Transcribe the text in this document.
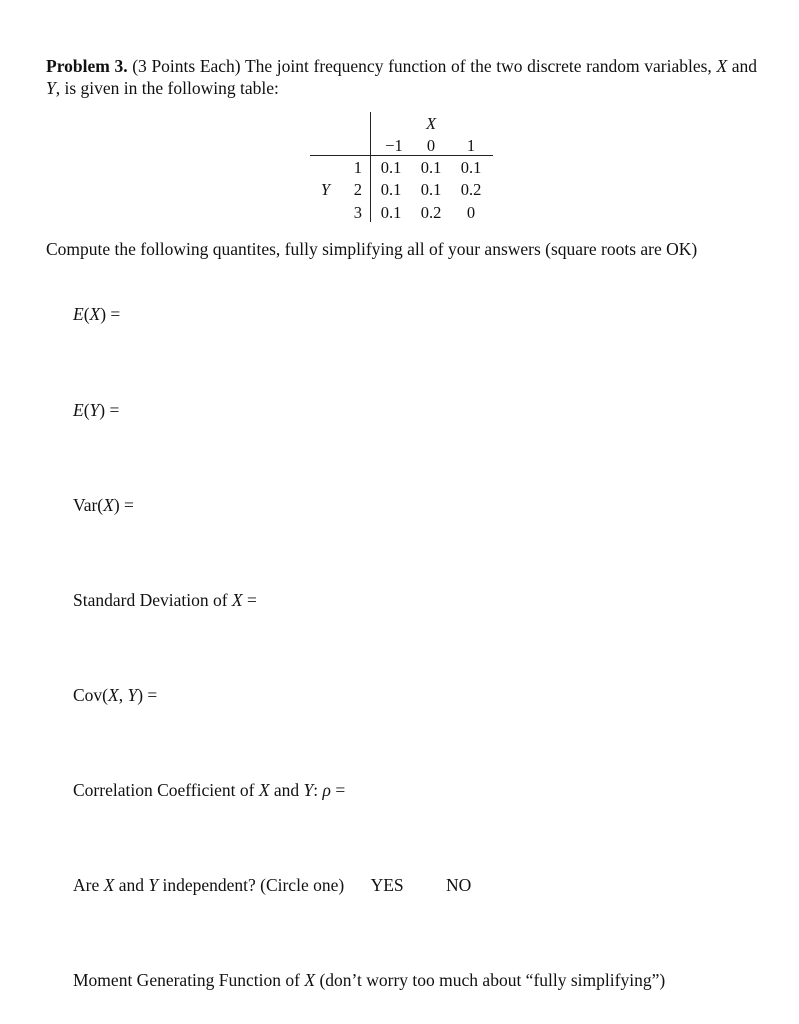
Problem 3. (3 Points Each) The joint frequency function of the two discrete random variables, X and Y, is given in the following table:
X
−1	0	1
Y
1	0.1	0.1	0.1
2	0.1	0.1	0.2
3	0.1	0.2	0
Compute the following quantites, fully simplifying all of your answers (square roots are OK)
E(X) =
E(Y) =
Var(X) =
Standard Deviation of X =
Cov(X, Y) =
Correlation Coefficient of X and Y: ρ =
Are X and Y independent? (Circle one) YES NO
Moment Generating Function of X (don’t worry too much about “fully simplifying”)
